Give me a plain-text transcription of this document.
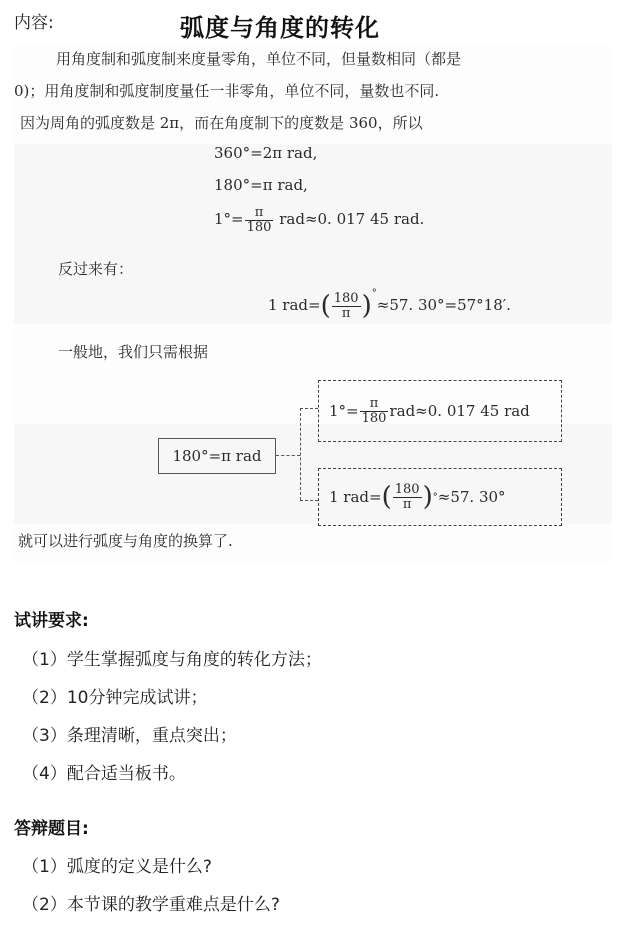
内容:	弧度与角度的转化
用角度制和弧度制来度量零角，单位不同，但量数相同（都是
0)；用角度制和弧度制度量任一非零角，单位不同，量数也不同.
因为周角的弧度数是 2π，而在角度制下的度数是 360，所以
360°=2π rad,
180°=π rad,
$1^\circ= \frac{\pi}{180} rad\approx 0$. 017 45 rad.
反过来有：
1 $rad=( \frac{180}{\pi} )^\circ\approx 57$. 30°=57°18′.
一般地，我们只需根据
180°=π rad
$1^\circ= \frac{\pi}{180} rad\approx 0$. 017 45 rad
1 rad= ( $\frac{180}{\pi}$ ) ° ≈57. 30°
就可以进行弧度与角度的换算了.
试讲要求:
（1）学生掌握弧度与角度的转化方法；
（2）10分钟完成试讲；
（3）条理清晰，重点突出；
（4）配合适当板书。
答辩题目:
（1）弧度的定义是什么?
（2）本节课的教学重难点是什么?
